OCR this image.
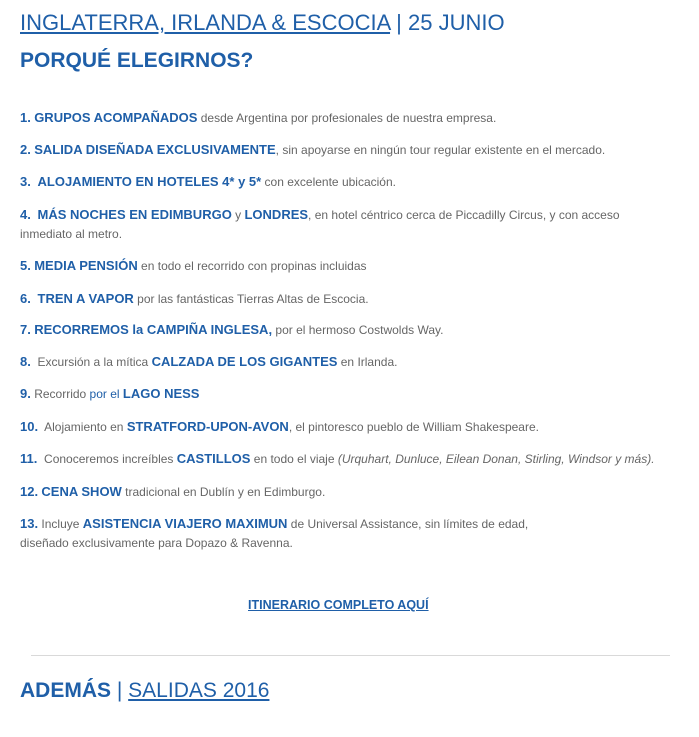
INGLATERRA, IRLANDA & ESCOCIA | 25 JUNIO
PORQUÉ ELEGIRNOS?
1. GRUPOS ACOMPAÑADOS desde Argentina por profesionales de nuestra empresa.
2. SALIDA DISEÑADA EXCLUSIVAMENTE, sin apoyarse en ningún tour regular existente en el mercado.
3. ALOJAMIENTO EN HOTELES 4* y 5* con excelente ubicación.
4. MÁS NOCHES EN EDIMBURGO y LONDRES, en hotel céntrico cerca de Piccadilly Circus, y con acceso
inmediato al metro.
5. MEDIA PENSIÓN en todo el recorrido con propinas incluidas
6. TREN A VAPOR por las fantásticas Tierras Altas de Escocia.
7. RECORREMOS la CAMPIÑA INGLESA, por el hermoso Costwolds Way.
8. Excursión a la mítica CALZADA DE LOS GIGANTES en Irlanda.
9. Recorrido por el LAGO NESS
10. Alojamiento en STRATFORD-UPON-AVON, el pintoresco pueblo de William Shakespeare.
11. Conoceremos increíbles CASTILLOS en todo el viaje (Urquhart, Dunluce, Eilean Donan, Stirling, Windsor y más).
12. CENA SHOW tradicional en Dublín y en Edimburgo.
13. Incluye ASISTENCIA VIAJERO MAXIMUN de Universal Assistance, sin límites de edad,
diseñado exclusivamente para Dopazo & Ravenna.
ITINERARIO COMPLETO AQUÍ
ADEMÁS | SALIDAS 2016
